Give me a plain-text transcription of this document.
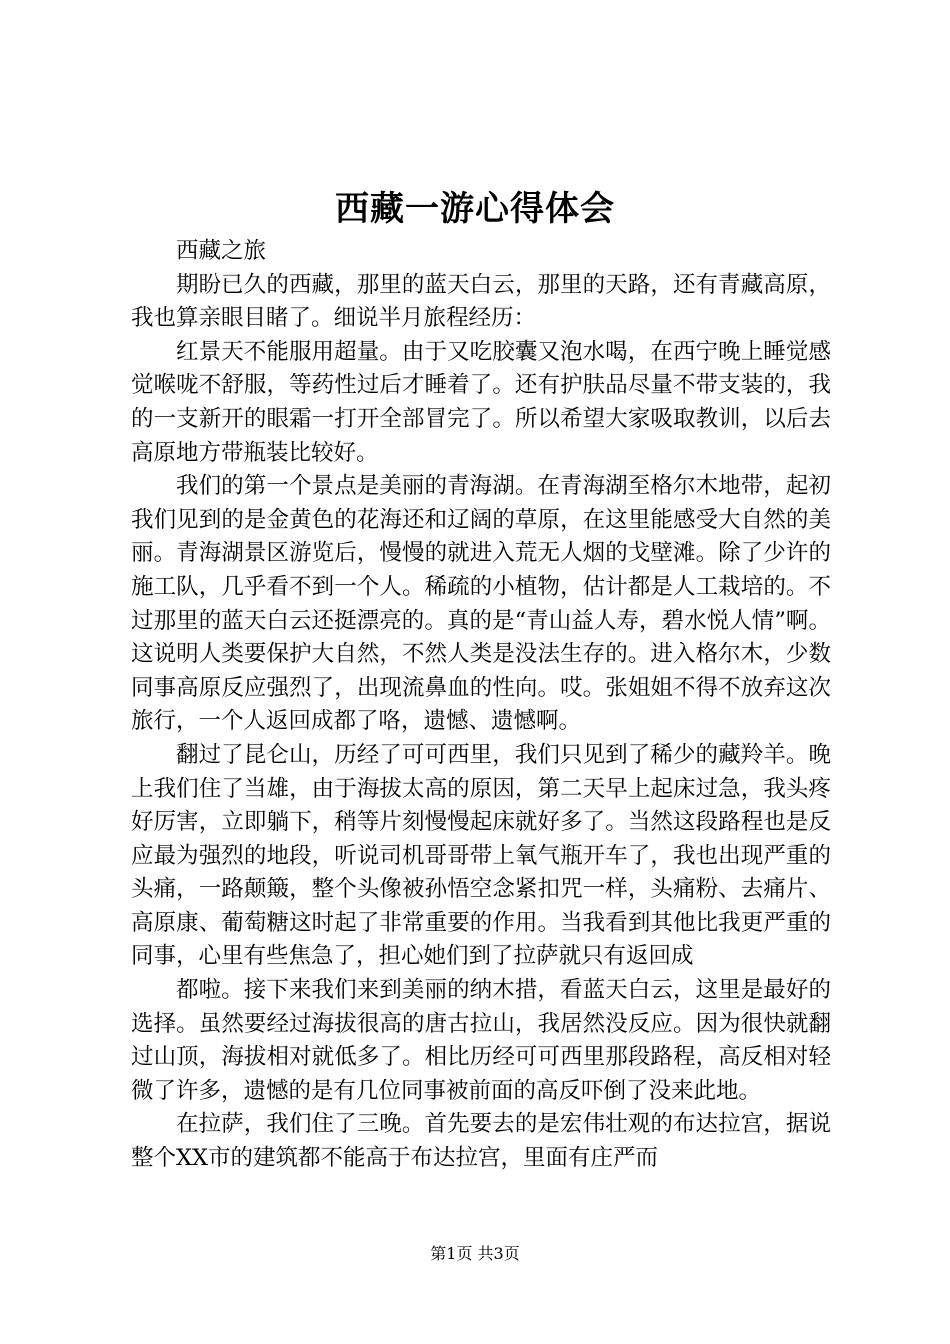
西藏一游心得体会

西藏之旅

期盼已久的西藏，那里的蓝天白云，那里的天路，还有青藏高原，我也算亲眼目睹了。细说半月旅程经历：

红景天不能服用超量。由于又吃胶囊又泡水喝，在西宁晚上睡觉感觉喉咙不舒服，等药性过后才睡着了。还有护肤品尽量不带支装的，我的一支新开的眼霜一打开全部冒完了。所以希望大家吸取教训，以后去高原地方带瓶装比较好。

我们的第一个景点是美丽的青海湖。在青海湖至格尔木地带，起初我们见到的是金黄色的花海还和辽阔的草原，在这里能感受大自然的美丽。青海湖景区游览后，慢慢的就进入荒无人烟的戈壁滩。除了少许的施工队，几乎看不到一个人。稀疏的小植物，估计都是人工栽培的。不过那里的蓝天白云还挺漂亮的。真的是“青山益人寿，碧水悦人情”啊。这说明人类要保护大自然，不然人类是没法生存的。进入格尔木，少数同事高原反应强烈了，出现流鼻血的性向。哎。张姐姐不得不放弃这次旅行，一个人返回成都了咯，遗憾、遗憾啊。

翻过了昆仑山，历经了可可西里，我们只见到了稀少的藏羚羊。晚上我们住了当雄，由于海拔太高的原因，第二天早上起床过急，我头疼好厉害，立即躺下，稍等片刻慢慢起床就好多了。当然这段路程也是反应最为强烈的地段，听说司机哥哥带上氧气瓶开车了，我也出现严重的头痛，一路颠簸，整个头像被孙悟空念紧扣咒一样，头痛粉、去痛片、高原康、葡萄糖这时起了非常重要的作用。当我看到其他比我更严重的同事，心里有些焦急了，担心她们到了拉萨就只有返回成

都啦。接下来我们来到美丽的纳木措，看蓝天白云，这里是最好的选择。虽然要经过海拔很高的唐古拉山，我居然没反应。因为很快就翻过山顶，海拔相对就低多了。相比历经可可西里那段路程，高反相对轻微了许多，遗憾的是有几位同事被前面的高反吓倒了没来此地。

在拉萨，我们住了三晚。首先要去的是宏伟壮观的布达拉宫，据说整个XX市的建筑都不能高于布达拉宫，里面有庄严而

第1页 共3页
